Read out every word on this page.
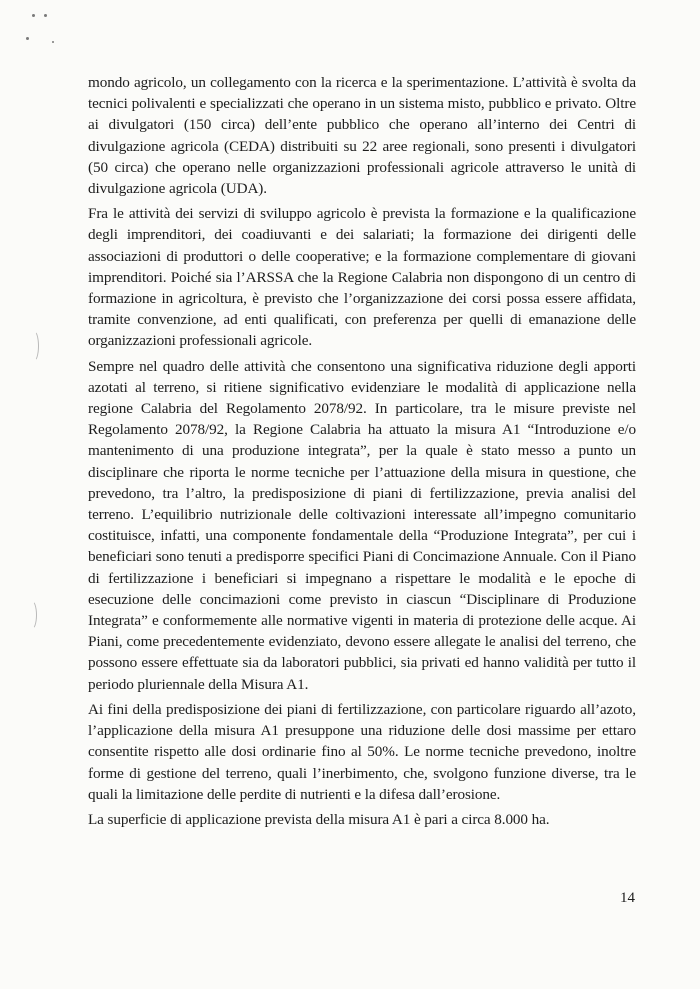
mondo agricolo, un collegamento con la ricerca e la sperimentazione. L’attività è svolta da tecnici polivalenti e specializzati che operano in un sistema misto, pubblico e privato. Oltre ai divulgatori (150 circa) dell’ente pubblico che operano all’interno dei Centri di divulgazione agricola (CEDA) distribuiti su 22 aree regionali, sono presenti i divulgatori (50 circa) che operano nelle organizzazioni professionali agricole attraverso le unità di divulgazione agricola (UDA).

Fra le attività dei servizi di sviluppo agricolo è prevista la formazione e la qualificazione degli imprenditori, dei coadiuvanti e dei salariati; la formazione dei dirigenti delle associazioni di produttori o delle cooperative; e la formazione complementare di giovani imprenditori. Poiché sia l’ARSSA che la Regione Calabria non dispongono di un centro di formazione in agricoltura, è previsto che l’organizzazione dei corsi possa essere affidata, tramite convenzione, ad enti qualificati, con preferenza per quelli di emanazione delle organizzazioni professionali agricole.

Sempre nel quadro delle attività che consentono una significativa riduzione degli apporti azotati al terreno, si ritiene significativo evidenziare le modalità di applicazione nella regione Calabria del Regolamento 2078/92. In particolare, tra le misure previste nel Regolamento 2078/92, la Regione Calabria ha attuato la misura A1 “Introduzione e/o mantenimento di una produzione integrata”, per la quale è stato messo a punto un disciplinare che riporta le norme tecniche per l’attuazione della misura in questione, che prevedono, tra l’altro, la predisposizione di piani di fertilizzazione, previa analisi del terreno. L’equilibrio nutrizionale delle coltivazioni interessate all’impegno comunitario costituisce, infatti, una componente fondamentale della “Produzione Integrata”, per cui i beneficiari sono tenuti a predisporre specifici Piani di Concimazione Annuale. Con il Piano di fertilizzazione i beneficiari si impegnano a rispettare le modalità e le epoche di esecuzione delle concimazioni come previsto in ciascun “Disciplinare di Produzione Integrata” e conformemente alle normative vigenti in materia di protezione delle acque. Ai Piani, come precedentemente evidenziato, devono essere allegate le analisi del terreno, che possono essere effettuate sia da laboratori pubblici, sia privati ed hanno validità per tutto il periodo pluriennale della Misura A1.

Ai fini della predisposizione dei piani di fertilizzazione, con particolare riguardo all’azoto, l’applicazione della misura A1 presuppone una riduzione delle dosi massime per ettaro consentite rispetto alle dosi ordinarie fino al 50%. Le norme tecniche prevedono, inoltre forme di gestione del terreno, quali l’inerbimento, che, svolgono funzione diverse, tra le quali la limitazione delle perdite di nutrienti e la difesa dall’erosione.

La superficie di applicazione prevista della misura A1 è pari a circa 8.000 ha.

14
